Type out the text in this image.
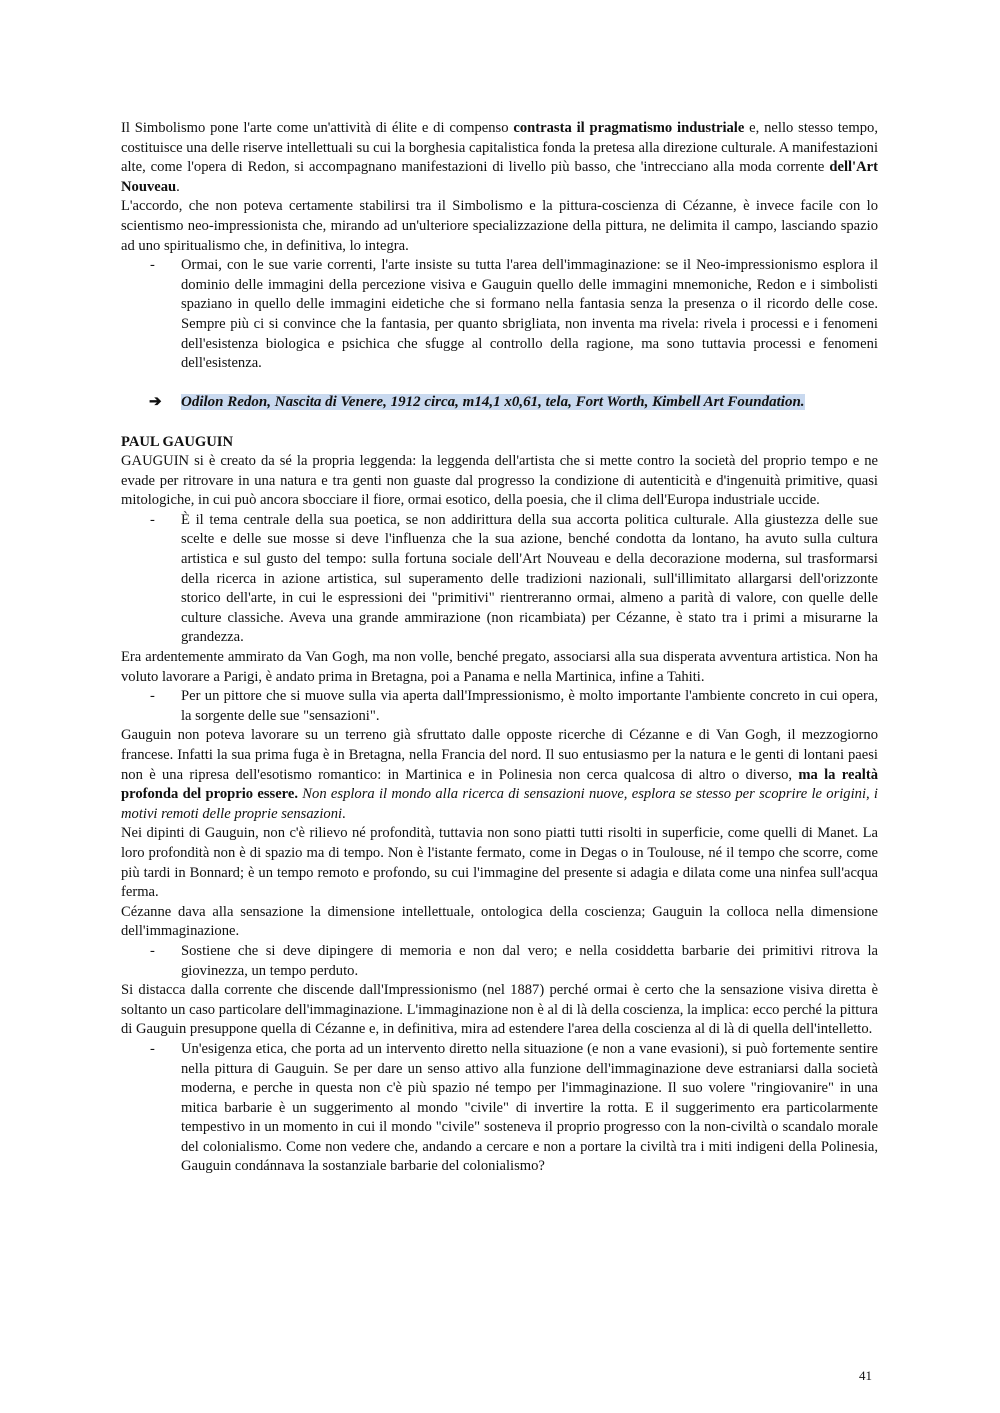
Il Simbolismo pone l'arte come un'attività di élite e di compenso contrasta il pragmatismo industriale e, nello stesso tempo, costituisce una delle riserve intellettuali su cui la borghesia capitalistica fonda la pretesa alla direzione culturale. A manifestazioni alte, come l'opera di Redon, si accompagnano manifestazioni di livello più basso, che 'intrecciano alla moda corrente dell'Art Nouveau.

L'accordo, che non poteva certamente stabilirsi tra il Simbolismo e la pittura-coscienza di Cézanne, è invece facile con lo scientismo neo-impressionista che, mirando ad un'ulteriore specializzazione della pittura, ne delimita il campo, lasciando spazio ad uno spiritualismo che, in definitiva, lo integra.

- Ormai, con le sue varie correnti, l'arte insiste su tutta l'area dell'immaginazione: se il Neo-impressionismo esplora il dominio delle immagini della percezione visiva e Gauguin quello delle immagini mnemoniche, Redon e i simbolisti spaziano in quello delle immagini eidetiche che si formano nella fantasia senza la presenza o il ricordo delle cose. Sempre più ci si convince che la fantasia, per quanto sbrigliata, non inventa ma rivela: rivela i processi e i fenomeni dell'esistenza biologica e psichica che sfugge al controllo della ragione, ma sono tuttavia processi e fenomeni dell'esistenza.
➔ Odilon Redon, Nascita di Venere, 1912 circa, m14,1 x0,61, tela, Fort Worth, Kimbell Art Foundation.

PAUL GAUGUIN

GAUGUIN si è creato da sé la propria leggenda: la leggenda dell'artista che si mette contro la società del proprio tempo e ne evade per ritrovare in una natura e tra genti non guaste dal progresso la condizione di autenticità e d'ingenuità primitive, quasi mitologiche, in cui può ancora sbocciare il fiore, ormai esotico, della poesia, che il clima dell'Europa industriale uccide.

- È il tema centrale della sua poetica, se non addirittura della sua accorta politica culturale. Alla giustezza delle sue scelte e delle sue mosse si deve l'influenza che la sua azione, benché condotta da lontano, ha avuto sulla cultura artistica e sul gusto del tempo: sulla fortuna sociale dell'Art Nouveau e della decorazione moderna, sul trasformarsi della ricerca in azione artistica, sul superamento delle tradizioni nazionali, sull'illimitato allargarsi dell'orizzonte storico dell'arte, in cui le espressioni dei "primitivi" rientreranno ormai, almeno a parità di valore, con quelle delle culture classiche. Aveva una grande ammirazione (non ricambiata) per Cézanne, è stato tra i primi a misurarne la grandezza.

Era ardentemente ammirato da Van Gogh, ma non volle, benché pregato, associarsi alla sua disperata avventura artistica. Non ha voluto lavorare a Parigi, è andato prima in Bretagna, poi a Panama e nella Martinica, infine a Tahiti.

- Per un pittore che si muove sulla via aperta dall'Impressionismo, è molto importante l'ambiente concreto in cui opera, la sorgente delle sue "sensazioni".

Gauguin non poteva lavorare su un terreno già sfruttato dalle opposte ricerche di Cézanne e di Van Gogh, il mezzogiorno francese. Infatti la sua prima fuga è in Bretagna, nella Francia del nord. Il suo entusiasmo per la natura e le genti di lontani paesi non è una ripresa dell'esotismo romantico: in Martinica e in Polinesia non cerca qualcosa di altro o diverso, ma la realtà profonda del proprio essere. Non esplora il mondo alla ricerca di sensazioni nuove, esplora se stesso per scoprire le origini, i motivi remoti delle proprie sensazioni.

Nei dipinti di Gauguin, non c'è rilievo né profondità, tuttavia non sono piatti tutti risolti in superficie, come quelli di Manet. La loro profondità non è di spazio ma di tempo. Non è l'istante fermato, come in Degas o in Toulouse, né il tempo che scorre, come più tardi in Bonnard; è un tempo remoto e profondo, su cui l'immagine del presente si adagia e dilata come una ninfea sull'acqua ferma.

Cézanne dava alla sensazione la dimensione intellettuale, ontologica della coscienza; Gauguin la colloca nella dimensione dell'immaginazione.

- Sostiene che si deve dipingere di memoria e non dal vero; e nella cosiddetta barbarie dei primitivi ritrova la giovinezza, un tempo perduto.

Si distacca dalla corrente che discende dall'Impressionismo (nel 1887) perché ormai è certo che la sensazione visiva diretta è soltanto un caso particolare dell'immaginazione. L'immaginazione non è al di là della coscienza, la implica: ecco perché la pittura di Gauguin presuppone quella di Cézanne e, in definitiva, mira ad estendere l'area della coscienza al di là di quella dell'intelletto.

- Un'esigenza etica, che porta ad un intervento diretto nella situazione (e non a vane evasioni), si può fortemente sentire nella pittura di Gauguin. Se per dare un senso attivo alla funzione dell'immaginazione deve estraniarsi dalla società moderna, e perche in questa non c'è più spazio né tempo per l'immaginazione. Il suo volere "ringiovanire" in una mitica barbarie è un suggerimento al mondo "civile" di invertire la rotta. E il suggerimento era particolarmente tempestivo in un momento in cui il mondo "civile" sosteneva il proprio progresso con la non-civiltà o scandalo morale del colonialismo. Come non vedere che, andando a cercare e non a portare la civiltà tra i miti indigeni della Polinesia, Gauguin condánnava la sostanziale barbarie del colonialismo?
41
